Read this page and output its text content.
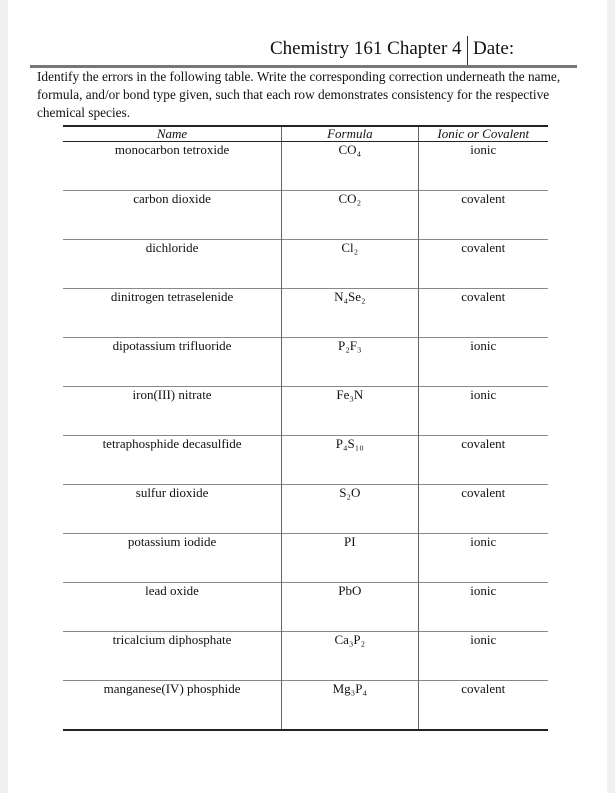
Chemistry 161 Chapter 4 Date:
Identify the errors in the following table. Write the corresponding correction underneath the name, formula, and/or bond type given, such that each row demonstrates consistency for the respective chemical species.
Name	Formula	Ionic or Covalent
monocarbon tetroxide	CO₄	ionic
carbon dioxide	CO₂	covalent
dichloride	Cl₂	covalent
dinitrogen tetraselenide	N₄Se₂	covalent
dipotassium trifluoride	P₂F₃	ionic
iron(III) nitrate	Fe₃N	ionic
tetraphosphide decasulfide	P₄S₁₀	covalent
sulfur dioxide	S₂O	covalent
potassium iodide	PI	ionic
lead oxide	PbO	ionic
tricalcium diphosphate	Ca₃P₂	ionic
manganese(IV) phosphide	Mg₃P₄	covalent
